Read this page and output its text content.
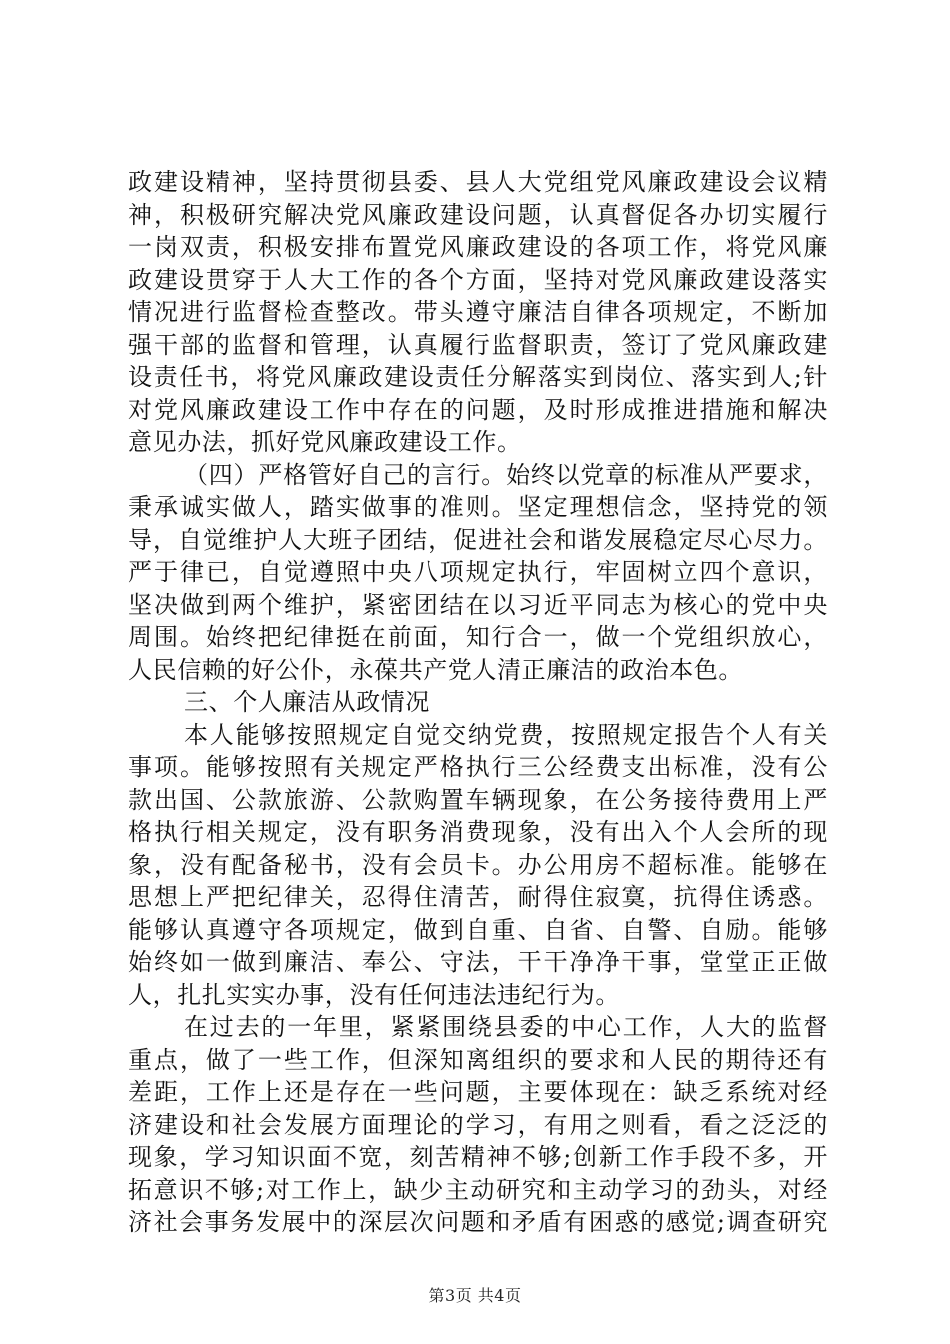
政建设精神，坚持贯彻县委、县人大党组党风廉政建设会议精
神，积极研究解决党风廉政建设问题，认真督促各办切实履行
一岗双责，积极安排布置党风廉政建设的各项工作，将党风廉
政建设贯穿于人大工作的各个方面，坚持对党风廉政建设落实
情况进行监督检查整改。带头遵守廉洁自律各项规定，不断加
强干部的监督和管理，认真履行监督职责，签订了党风廉政建
设责任书，将党风廉政建设责任分解落实到岗位、落实到人;针
对党风廉政建设工作中存在的问题，及时形成推进措施和解决
意见办法，抓好党风廉政建设工作。
（四）严格管好自己的言行。始终以党章的标准从严要求，
秉承诚实做人，踏实做事的准则。坚定理想信念，坚持党的领
导，自觉维护人大班子团结，促进社会和谐发展稳定尽心尽力。
严于律已，自觉遵照中央八项规定执行，牢固树立四个意识，
坚决做到两个维护，紧密团结在以习近平同志为核心的党中央
周围。始终把纪律挺在前面，知行合一，做一个党组织放心，
人民信赖的好公仆，永葆共产党人清正廉洁的政治本色。
三、个人廉洁从政情况
本人能够按照规定自觉交纳党费，按照规定报告个人有关
事项。能够按照有关规定严格执行三公经费支出标准，没有公
款出国、公款旅游、公款购置车辆现象，在公务接待费用上严
格执行相关规定，没有职务消费现象，没有出入个人会所的现
象，没有配备秘书，没有会员卡。办公用房不超标准。能够在
思想上严把纪律关，忍得住清苦，耐得住寂寞，抗得住诱惑。
能够认真遵守各项规定，做到自重、自省、自警、自励。能够
始终如一做到廉洁、奉公、守法，干干净净干事，堂堂正正做
人，扎扎实实办事，没有任何违法违纪行为。
在过去的一年里，紧紧围绕县委的中心工作，人大的监督
重点，做了一些工作，但深知离组织的要求和人民的期待还有
差距，工作上还是存在一些问题，主要体现在：缺乏系统对经
济建设和社会发展方面理论的学习，有用之则看，看之泛泛的
现象，学习知识面不宽，刻苦精神不够;创新工作手段不多，开
拓意识不够;对工作上，缺少主动研究和主动学习的劲头，对经
济社会事务发展中的深层次问题和矛盾有困惑的感觉;调查研究
第3页 共4页
